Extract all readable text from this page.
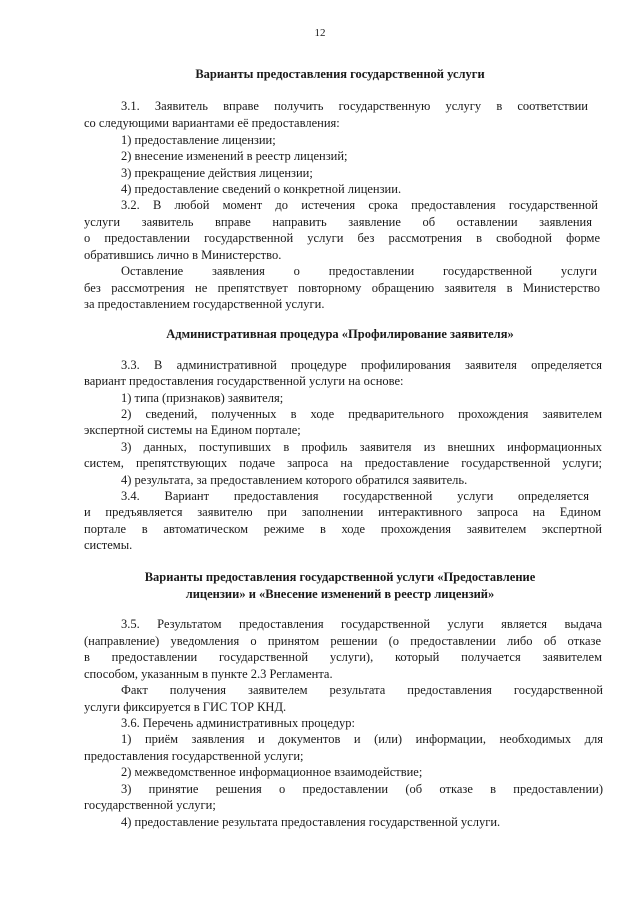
12
Варианты предоставления государственной услуги
3.1. Заявитель вправе получить государственную услугу в соответствии
со следующими вариантами её предоставления:
1) предоставление лицензии;
2) внесение изменений в реестр лицензий;
3) прекращение действия лицензии;
4) предоставление сведений о конкретной лицензии.
3.2. В любой момент до истечения срока предоставления государственной
услуги заявитель вправе направить заявление об оставлении заявления
о предоставлении государственной услуги без рассмотрения в свободной форме
обратившись лично в Министерство.
Оставление заявления о предоставлении государственной услуги
без рассмотрения не препятствует повторному обращению заявителя в Министерство
за предоставлением государственной услуги.
Административная процедура «Профилирование заявителя»
3.3. В административной процедуре профилирования заявителя определяется
вариант предоставления государственной услуги на основе:
1) типа (признаков) заявителя;
2) сведений, полученных в ходе предварительного прохождения заявителем
экспертной системы на Едином портале;
3) данных, поступивших в профиль заявителя из внешних информационных
систем, препятствующих подаче запроса на предоставление государственной услуги;
4) результата, за предоставлением которого обратился заявитель.
3.4. Вариант предоставления государственной услуги определяется
и предъявляется заявителю при заполнении интерактивного запроса на Едином
портале в автоматическом режиме в ходе прохождения заявителем экспертной
системы.
Варианты предоставления государственной услуги «Предоставление
лицензии» и «Внесение изменений в реестр лицензий»
3.5. Результатом предоставления государственной услуги является выдача
(направление) уведомления о принятом решении (о предоставлении либо об отказе
в предоставлении государственной услуги), который получается заявителем
способом, указанным в пункте 2.3 Регламента.
Факт получения заявителем результата предоставления государственной
услуги фиксируется в ГИС ТОР КНД.
3.6. Перечень административных процедур:
1) приём заявления и документов и (или) информации, необходимых для
предоставления государственной услуги;
2) межведомственное информационное взаимодействие;
3) принятие решения о предоставлении (об отказе в предоставлении)
государственной услуги;
4) предоставление результата предоставления государственной услуги.
